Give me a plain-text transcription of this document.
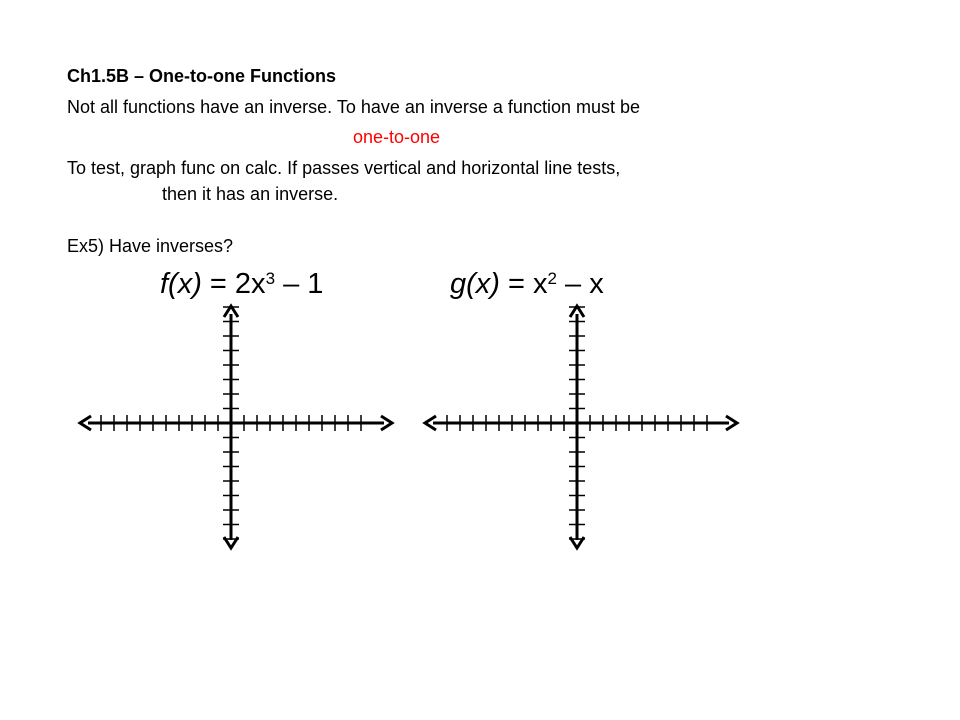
Ch1.5B – One-to-one Functions
Not all functions have an inverse. To have an inverse a function must be
one-to-one
To test, graph func on calc. If passes vertical and horizontal line tests,
then it has an inverse.
Ex5) Have inverses?
$f(x) = 2x^3 - 1$	$g(x) = x^2 - x$
